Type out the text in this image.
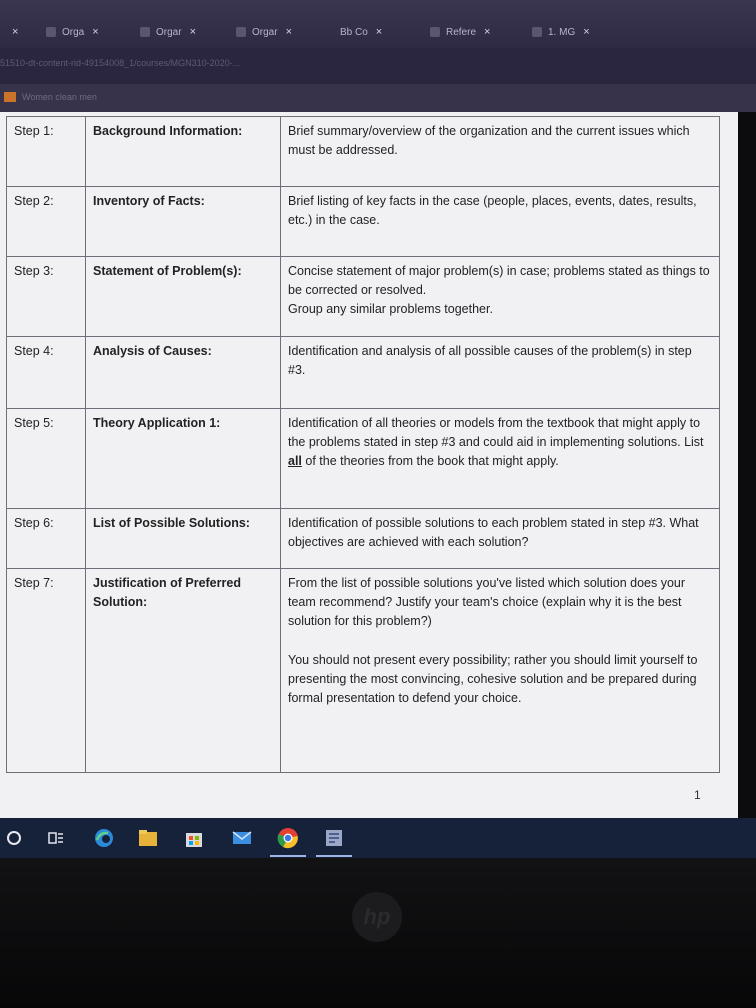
×	Orga ×	Orgar ×	Orgar ×	Bb Co ×	Refere ×	1. MG ×
51510-dt-content-rid-49154008_1/courses/MGN310-2020-...
Women clean men
Step 1:	Background Information:	Brief summary/overview of the organization and the current issues which must be addressed.

Step 2:	Inventory of Facts:	Brief listing of key facts in the case (people, places, events, dates, results, etc.) in the case.

Step 3:	Statement of Problem(s):	Concise statement of major problem(s) in case; problems stated as things to be corrected or resolved.

Group any similar problems together.

Step 4:	Analysis of Causes:	Identification and analysis of all possible causes of the problem(s) in step #3.

Step 5:	Theory Application 1:	Identification of all theories or models from the textbook that might apply to the problems stated in step #3 and could aid in implementing solutions. List all of the theories from the book that might apply.

Step 6:	List of Possible Solutions:	Identification of possible solutions to each problem stated in step #3. What objectives are achieved with each solution?

Step 7:	Justification of Preferred Solution:	From the list of possible solutions you've listed which solution does your team recommend? Justify your team's choice (explain why it is the best solution for this problem?)

You should not present every possibility; rather you should limit yourself to presenting the most convincing, cohesive solution and be prepared during formal presentation to defend your choice.

1
hp
